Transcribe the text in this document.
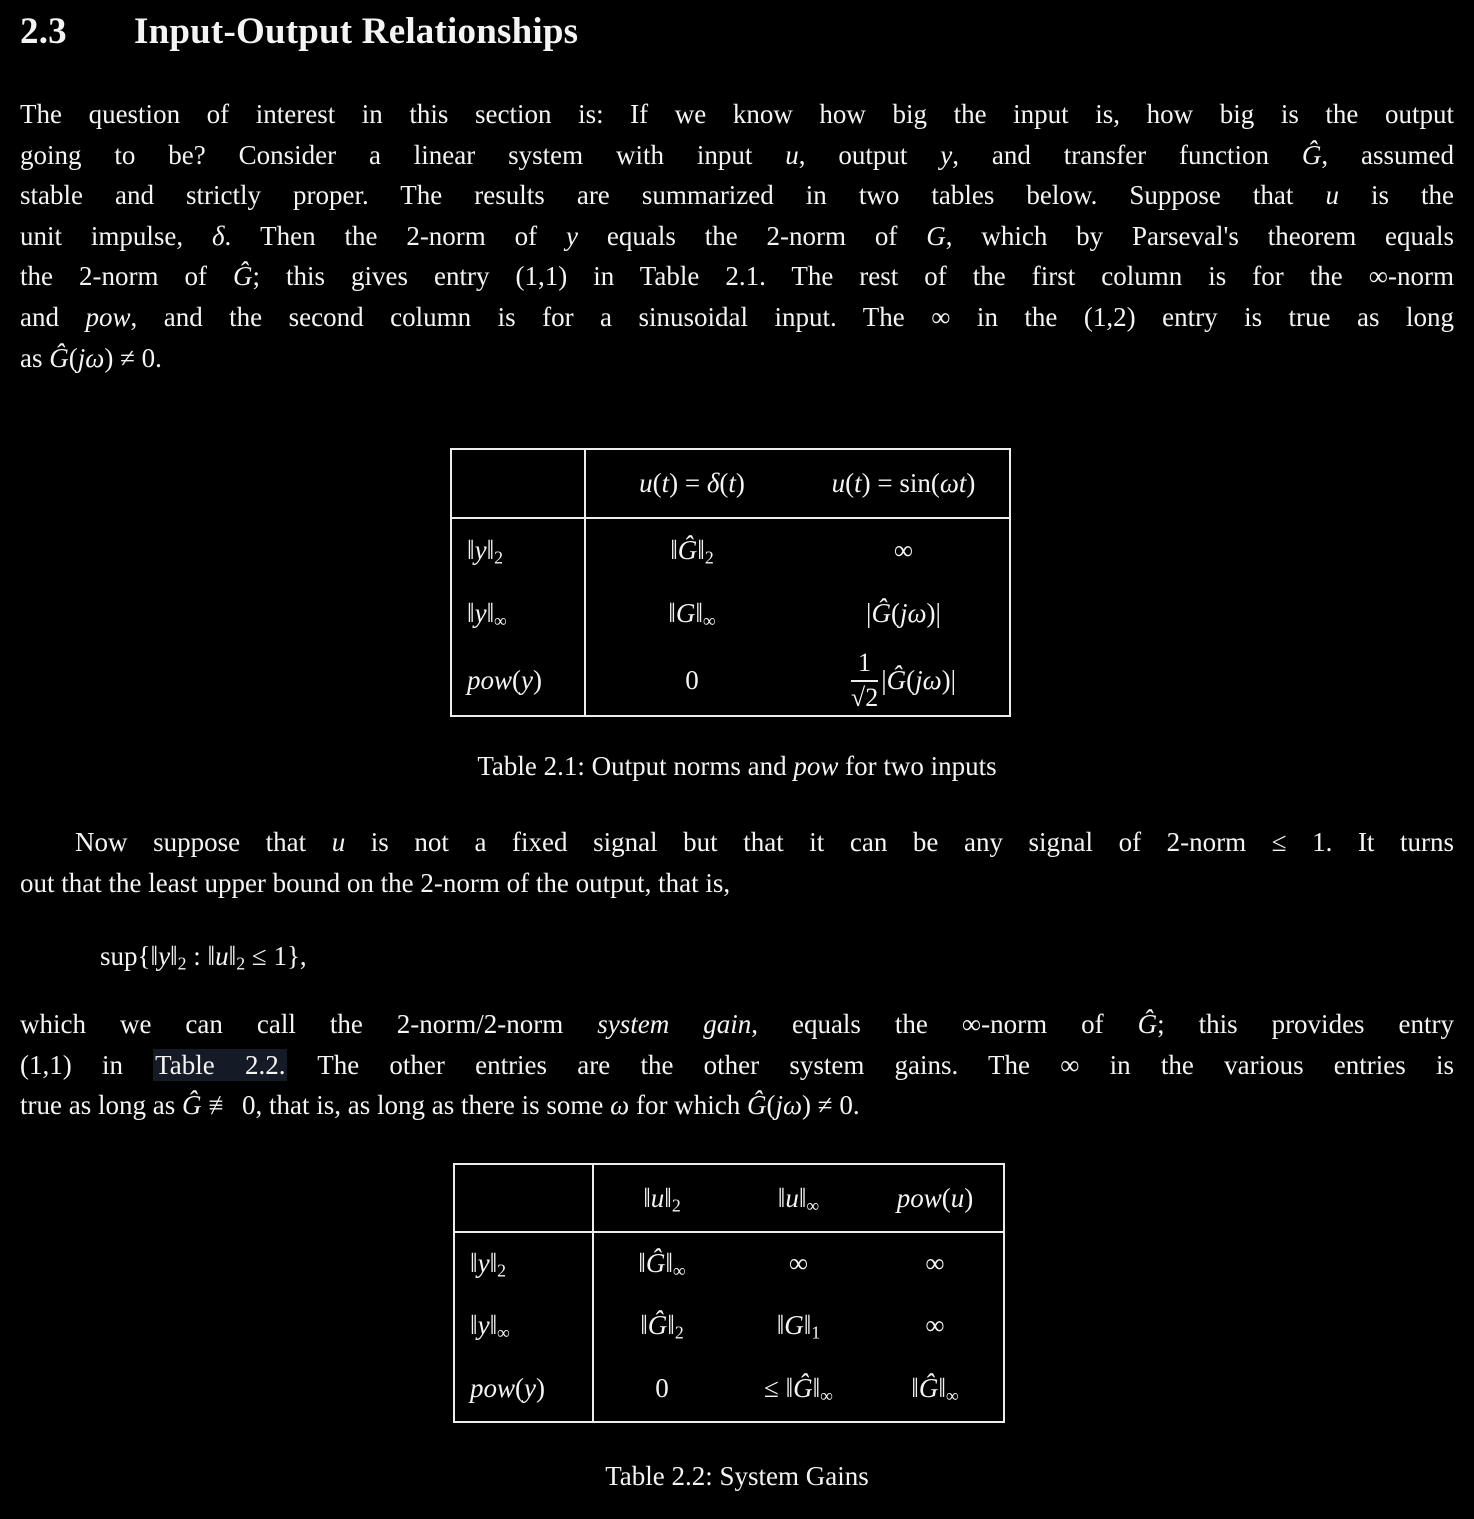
2.3 Input-Output Relationships
The question of interest in this section is: If we know how big the input is, how big is the output
going to be? Consider a linear system with input u, output y, and transfer function Ĝ, assumed
stable and strictly proper. The results are summarized in two tables below. Suppose that u is the
unit impulse, δ. Then the 2-norm of y equals the 2-norm of G, which by Parseval's theorem equals
the 2-norm of Ĝ; this gives entry (1,1) in Table 2.1. The rest of the first column is for the ∞-norm
and pow, and the second column is for a sinusoidal input. The ∞ in the (1,2) entry is true as long
as Ĝ(jω) ≠ 0.
	u(t) = δ(t)	u(t) = sin(ωt)
$‖y‖_2$	$‖Ĝ‖_2$	∞
$‖y‖_\infty$	$‖G‖_\infty$	|Ĝ(jω)|
pow(y)	0	$\frac{1}{√2}$ |Ĝ(jω)|
Table 2.1: Output norms and pow for two inputs
Now suppose that u is not a fixed signal but that it can be any signal of 2-norm ≤ 1. It turns
out that the least upper bound on the 2-norm of the output, that is,
$sup\{‖y‖_2$ : $‖u‖_2 \le 1$},
which we can call the 2-norm/2-norm system gain, equals the ∞-norm of Ĝ; this provides entry
(1,1) in Table 2.2. The other entries are the other system gains. The ∞ in the various entries is
true as long as Ĝ ≢ 0, that is, as long as there is some ω for which Ĝ(jω) ≠ 0.
	$‖u‖_2$	$‖u‖_\infty$	pow(u)
$‖y‖_2$	$‖Ĝ‖_\infty$	∞	∞
$‖y‖_\infty$	$‖Ĝ‖_2$	$‖G‖_1$	∞
pow(y)	0	≤ $‖Ĝ‖_\infty$	$‖Ĝ‖_\infty$
Table 2.2: System Gains
